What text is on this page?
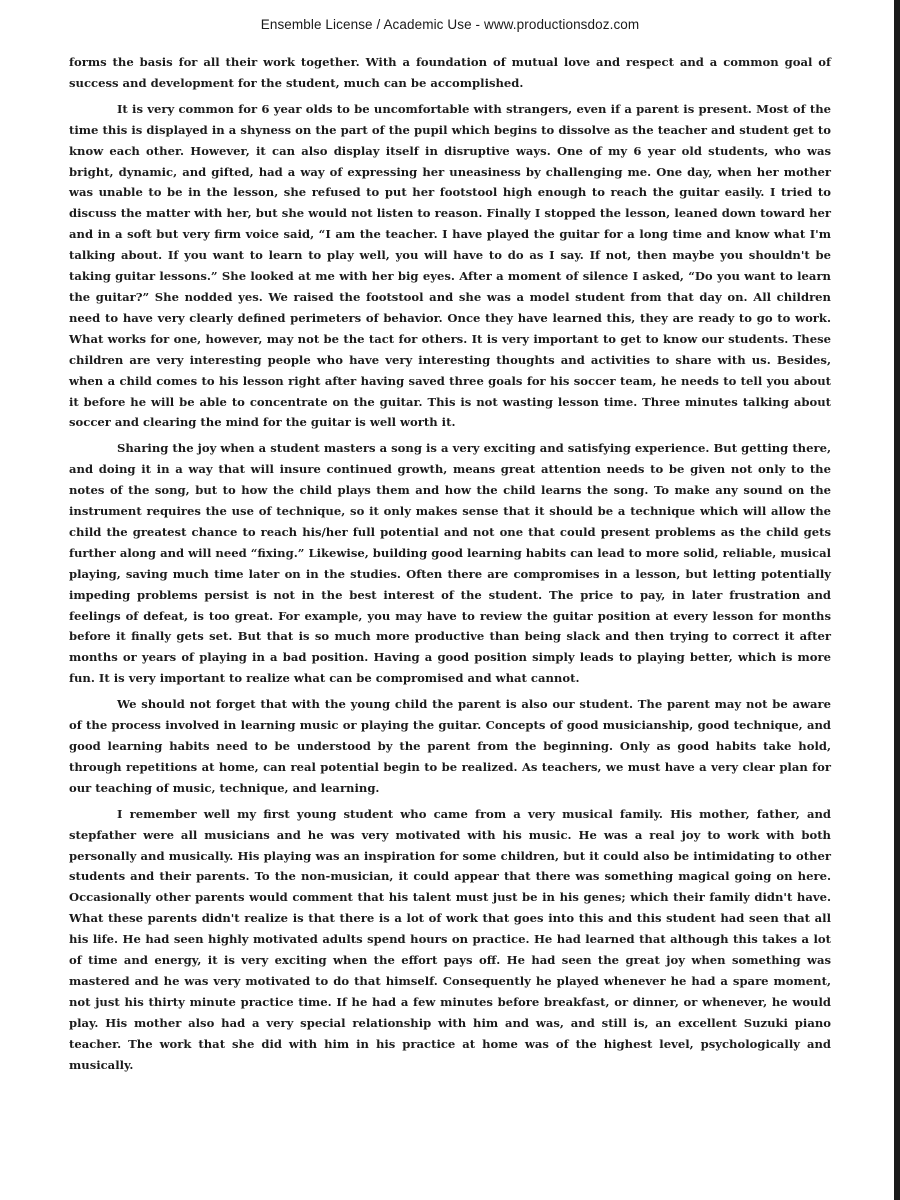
Ensemble License / Academic Use - www.productionsdoz.com

forms the basis for all their work together. With a foundation of mutual love and respect and a common goal of success and development for the student, much can be accomplished.

It is very common for 6 year olds to be uncomfortable with strangers, even if a parent is present. Most of the time this is displayed in a shyness on the part of the pupil which begins to dissolve as the teacher and student get to know each other. However, it can also display itself in disruptive ways. One of my 6 year old students, who was bright, dynamic, and gifted, had a way of expressing her uneasiness by challenging me. One day, when her mother was unable to be in the lesson, she refused to put her footstool high enough to reach the guitar easily. I tried to discuss the matter with her, but she would not listen to reason. Finally I stopped the lesson, leaned down toward her and in a soft but very firm voice said, “I am the teacher. I have played the guitar for a long time and know what I'm talking about. If you want to learn to play well, you will have to do as I say. If not, then maybe you shouldn't be taking guitar lessons.” She looked at me with her big eyes. After a moment of silence I asked, “Do you want to learn the guitar?” She nodded yes. We raised the footstool and she was a model student from that day on. All children need to have very clearly defined perimeters of behavior. Once they have learned this, they are ready to go to work. What works for one, however, may not be the tact for others. It is very important to get to know our students. These children are very interesting people who have very interesting thoughts and activities to share with us. Besides, when a child comes to his lesson right after having saved three goals for his soccer team, he needs to tell you about it before he will be able to concentrate on the guitar. This is not wasting lesson time. Three minutes talking about soccer and clearing the mind for the guitar is well worth it.

Sharing the joy when a student masters a song is a very exciting and satisfying experience. But getting there, and doing it in a way that will insure continued growth, means great attention needs to be given not only to the notes of the song, but to how the child plays them and how the child learns the song. To make any sound on the instrument requires the use of technique, so it only makes sense that it should be a technique which will allow the child the greatest chance to reach his/her full potential and not one that could present problems as the child gets further along and will need “fixing.” Likewise, building good learning habits can lead to more solid, reliable, musical playing, saving much time later on in the studies. Often there are compromises in a lesson, but letting potentially impeding problems persist is not in the best interest of the student. The price to pay, in later frustration and feelings of defeat, is too great. For example, you may have to review the guitar position at every lesson for months before it finally gets set. But that is so much more productive than being slack and then trying to correct it after months or years of playing in a bad position. Having a good position simply leads to playing better, which is more fun. It is very important to realize what can be compromised and what cannot.

We should not forget that with the young child the parent is also our student. The parent may not be aware of the process involved in learning music or playing the guitar. Concepts of good musicianship, good technique, and good learning habits need to be understood by the parent from the beginning. Only as good habits take hold, through repetitions at home, can real potential begin to be realized. As teachers, we must have a very clear plan for our teaching of music, technique, and learning.

I remember well my first young student who came from a very musical family. His mother, father, and stepfather were all musicians and he was very motivated with his music. He was a real joy to work with both personally and musically. His playing was an inspiration for some children, but it could also be intimidating to other students and their parents. To the non-musician, it could appear that there was something magical going on here. Occasionally other parents would comment that his talent must just be in his genes; which their family didn't have. What these parents didn't realize is that there is a lot of work that goes into this and this student had seen that all his life. He had seen highly motivated adults spend hours on practice. He had learned that although this takes a lot of time and energy, it is very exciting when the effort pays off. He had seen the great joy when something was mastered and he was very motivated to do that himself. Consequently he played whenever he had a spare moment, not just his thirty minute practice time. If he had a few minutes before breakfast, or dinner, or whenever, he would play. His mother also had a very special relationship with him and was, and still is, an excellent Suzuki piano teacher. The work that she did with him in his practice at home was of the highest level, psychologically and musically.
